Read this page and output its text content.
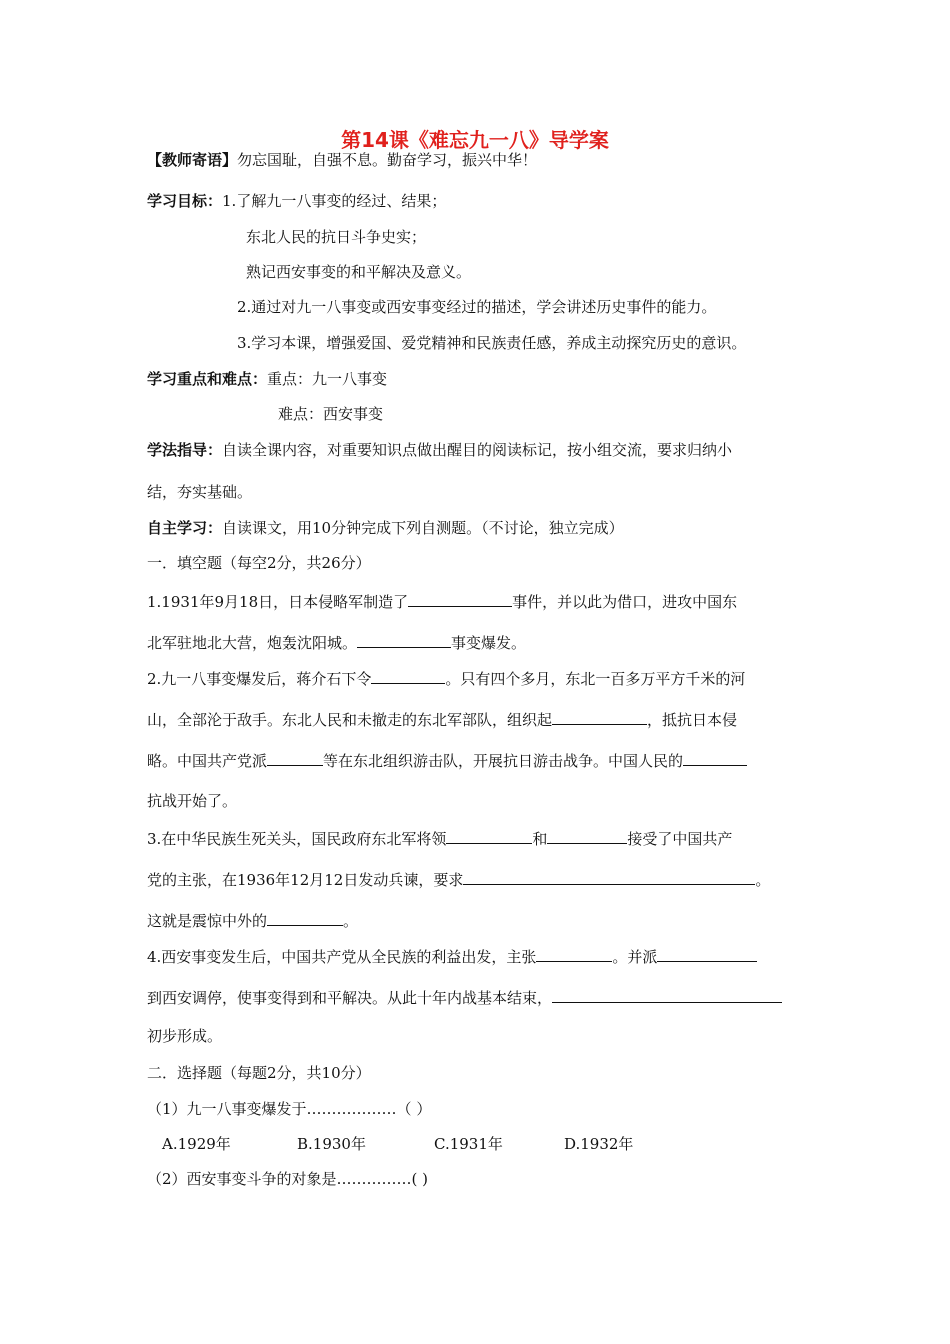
第14课《难忘九一八》导学案
【教师寄语】勿忘国耻，自强不息。勤奋学习，振兴中华！
学习目标：1.了解九一八事变的经过、结果；
东北人民的抗日斗争史实；
熟记西安事变的和平解决及意义。
2.通过对九一八事变或西安事变经过的描述，学会讲述历史事件的能力。
3.学习本课，增强爱国、爱党精神和民族责任感，养成主动探究历史的意识。
学习重点和难点：重点：九一八事变
难点：西安事变
学法指导：自读全课内容，对重要知识点做出醒目的阅读标记，按小组交流，要求归纳小
结，夯实基础。
自主学习：自读课文，用10分钟完成下列自测题。（不讨论，独立完成）
一．填空题（每空2分，共26分）
1.1931年9月18日，日本侵略军制造了	事件，并以此为借口，进攻中国东
北军驻地北大营，炮轰沈阳城。	事变爆发。
2.九一八事变爆发后，蒋介石下令	。只有四个多月，东北一百多万平方千米的河
山，全部沦于敌手。东北人民和未撤走的东北军部队，组织起	，抵抗日本侵
略。中国共产党派	等在东北组织游击队，开展抗日游击战争。中国人民的
抗战开始了。
3.在中华民族生死关头，国民政府东北军将领	和	接受了中国共产
党的主张，在1936年12月12日发动兵谏，要求	。
这就是震惊中外的	。
4.西安事变发生后，中国共产党从全民族的利益出发，主张	。并派
到西安调停，使事变得到和平解决。从此十年内战基本结束，
初步形成。
二．选择题（每题2分，共10分）
（1）九一八事变爆发于………………（ ）
A.1929年	B.1930年	C.1931年	D.1932年
（2）西安事变斗争的对象是……………( )
